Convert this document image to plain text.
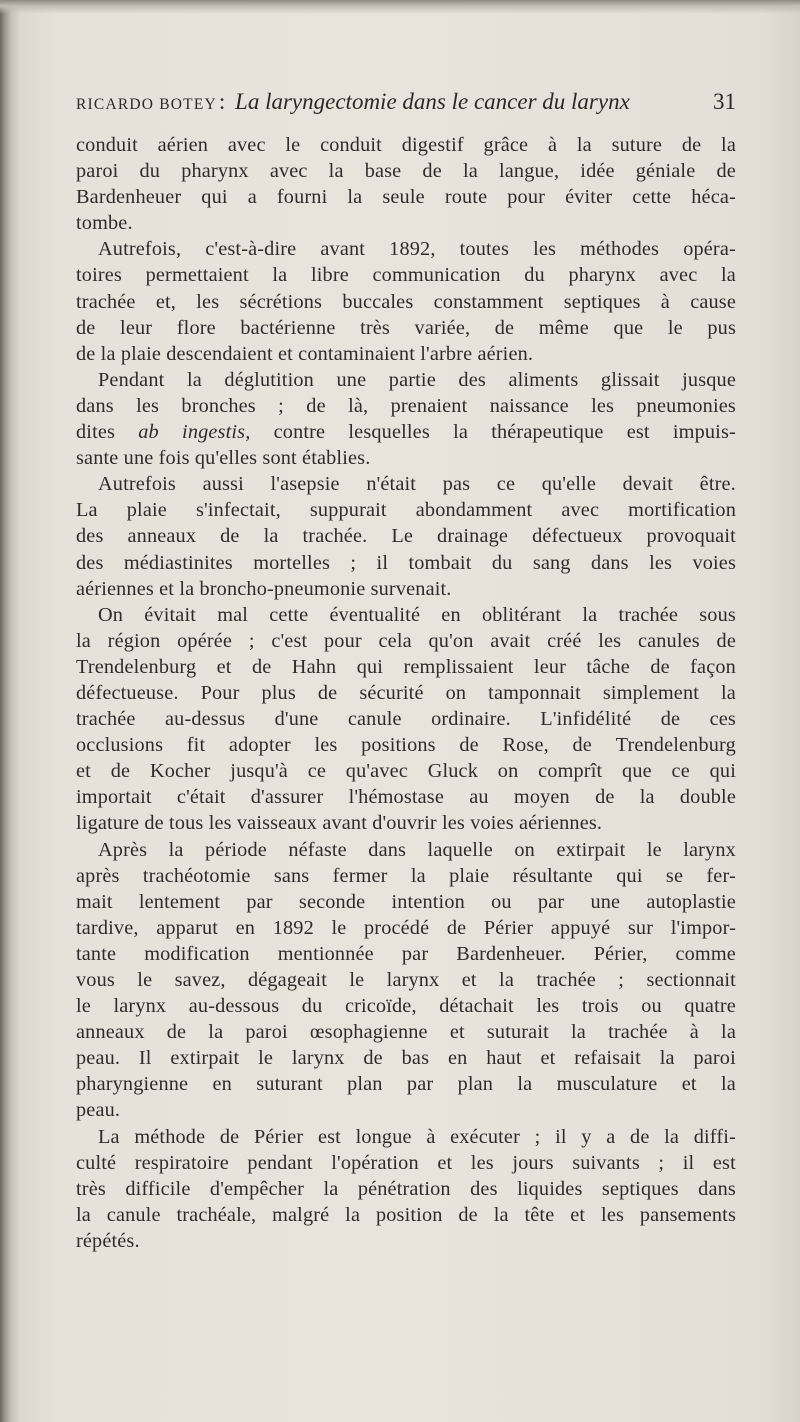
RICARDO BOTEY: La laryngectomie dans le cancer du larynx	31
conduit aérien avec le conduit digestif grâce à la suture de la
paroi du pharynx avec la base de la langue, idée géniale de
Bardenheuer qui a fourni la seule route pour éviter cette héca-
tombe.
Autrefois, c'est-à-dire avant 1892, toutes les méthodes opéra-
toires permettaient la libre communication du pharynx avec la
trachée et, les sécrétions buccales constamment septiques à cause
de leur flore bactérienne très variée, de même que le pus
de la plaie descendaient et contaminaient l'arbre aérien.
Pendant la déglutition une partie des aliments glissait jusque
dans les bronches ; de là, prenaient naissance les pneumonies
dites ab ingestis, contre lesquelles la thérapeutique est impuis-
sante une fois qu'elles sont établies.
Autrefois aussi l'asepsie n'était pas ce qu'elle devait être.
La plaie s'infectait, suppurait abondamment avec mortification
des anneaux de la trachée. Le drainage défectueux provoquait
des médiastinites mortelles ; il tombait du sang dans les voies
aériennes et la broncho-pneumonie survenait.
On évitait mal cette éventualité en oblitérant la trachée sous
la région opérée ; c'est pour cela qu'on avait créé les canules de
Trendelenburg et de Hahn qui remplissaient leur tâche de façon
défectueuse. Pour plus de sécurité on tamponnait simplement la
trachée au-dessus d'une canule ordinaire. L'infidélité de ces
occlusions fit adopter les positions de Rose, de Trendelenburg
et de Kocher jusqu'à ce qu'avec Gluck on comprît que ce qui
importait c'était d'assurer l'hémostase au moyen de la double
ligature de tous les vaisseaux avant d'ouvrir les voies aériennes.
Après la période néfaste dans laquelle on extirpait le larynx
après trachéotomie sans fermer la plaie résultante qui se fer-
mait lentement par seconde intention ou par une autoplastie
tardive, apparut en 1892 le procédé de Périer appuyé sur l'impor-
tante modification mentionnée par Bardenheuer. Périer, comme
vous le savez, dégageait le larynx et la trachée ; sectionnait
le larynx au-dessous du cricoïde, détachait les trois ou quatre
anneaux de la paroi œsophagienne et suturait la trachée à la
peau. Il extirpait le larynx de bas en haut et refaisait la paroi
pharyngienne en suturant plan par plan la musculature et la
peau.
La méthode de Périer est longue à exécuter ; il y a de la diffi-
culté respiratoire pendant l'opération et les jours suivants ; il est
très difficile d'empêcher la pénétration des liquides septiques dans
la canule trachéale, malgré la position de la tête et les pansements
répétés.
